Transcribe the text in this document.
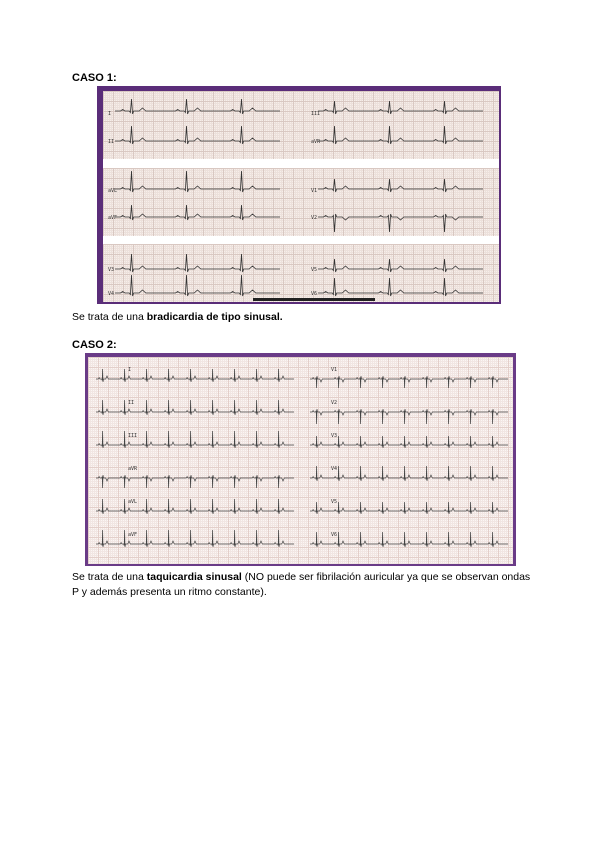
CASO 1:
I
II
III
aVR
aVL
aVF
V1
V2
V3
V4
V5
V6
Se trata de una bradicardia de tipo sinusal.
CASO 2:
I
II
III
aVR
aVL
aVF
V1
V2
V3
V4
V5
V6
Se trata de una taquicardia sinusal (NO puede ser fibrilación auricular ya que se observan ondas P y además presenta un ritmo constante).
